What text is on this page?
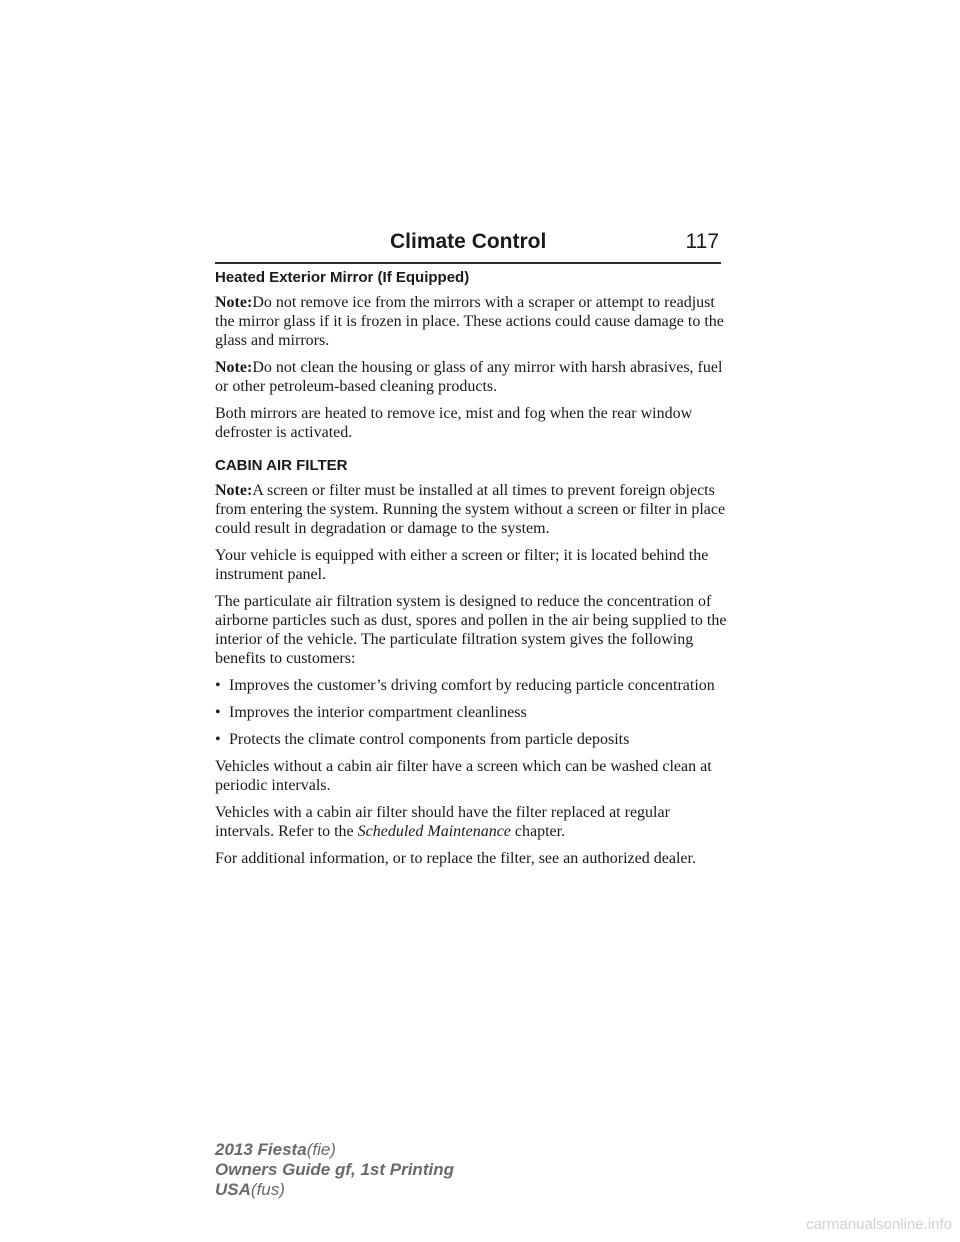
Climate Control	117
Heated Exterior Mirror (If Equipped)

Note:Do not remove ice from the mirrors with a scraper or attempt to readjust the mirror glass if it is frozen in place. These actions could cause damage to the glass and mirrors.

Note:Do not clean the housing or glass of any mirror with harsh abrasives, fuel or other petroleum-based cleaning products.

Both mirrors are heated to remove ice, mist and fog when the rear window defroster is activated.

CABIN AIR FILTER

Note:A screen or filter must be installed at all times to prevent foreign objects from entering the system. Running the system without a screen or filter in place could result in degradation or damage to the system.

Your vehicle is equipped with either a screen or filter; it is located behind the instrument panel.

The particulate air filtration system is designed to reduce the concentration of airborne particles such as dust, spores and pollen in the air being supplied to the interior of the vehicle. The particulate filtration system gives the following benefits to customers:

• Improves the customer’s driving comfort by reducing particle concentration
• Improves the interior compartment cleanliness
• Protects the climate control components from particle deposits

Vehicles without a cabin air filter have a screen which can be washed clean at periodic intervals.

Vehicles with a cabin air filter should have the filter replaced at regular intervals. Refer to the Scheduled Maintenance chapter.

For additional information, or to replace the filter, see an authorized dealer.

2013 Fiesta(fie)
Owners Guide gf, 1st Printing
USA(fus)
carmanualsonline.info
